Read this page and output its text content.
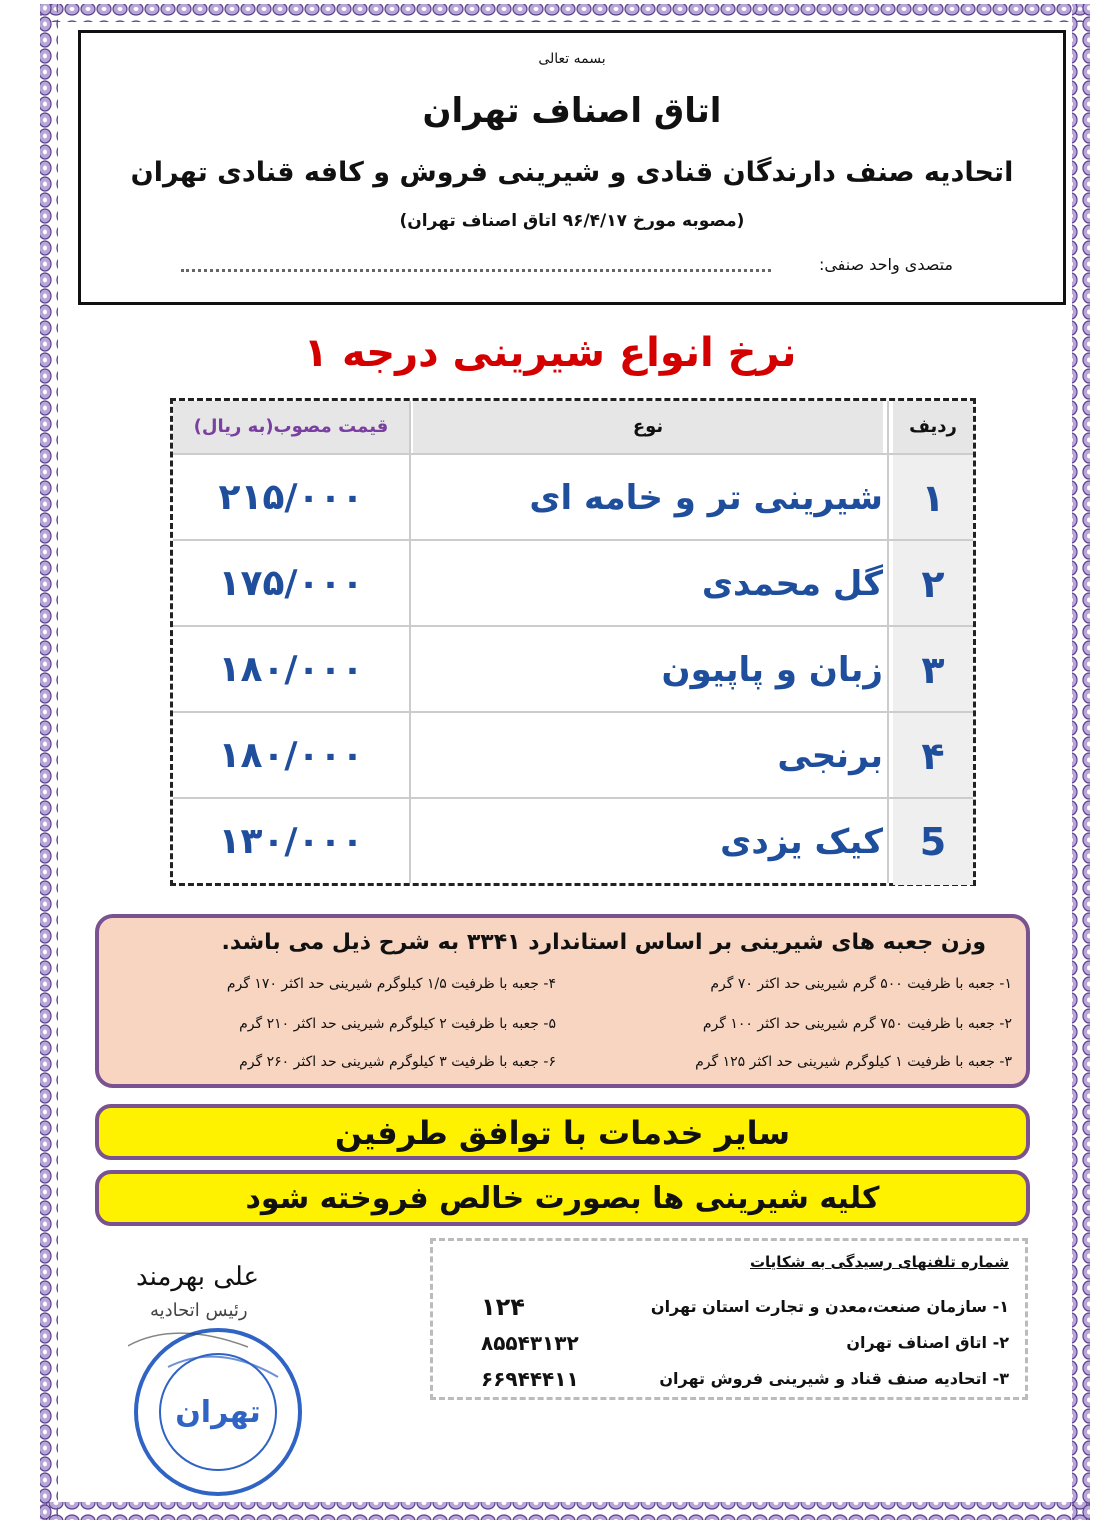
بسمه تعالی
اتاق اصناف تهران
اتحادیه صنف دارندگان قنادی و شیرینی فروش و کافه قنادی تهران
(مصوبه مورخ ۹۶/۴/۱۷ اتاق اصناف تهران)
متصدی واحد صنفی:
نرخ انواع شیرینی درجه ۱
ردیف
نوع
قیمت مصوب(به ریال)
۱
شیرینی تر و خامه ای
۲۱۵/۰۰۰
۲
گل محمدی
۱۷۵/۰۰۰
۳
زبان و پاپیون
۱۸۰/۰۰۰
۴
برنجی
۱۸۰/۰۰۰
5
کیک یزدی
۱۳۰/۰۰۰
وزن جعبه های شیرینی بر اساس استاندارد ۳۳۴۱ به شرح ذیل می باشد.
۱- جعبه با ظرفیت ۵۰۰ گرم شیرینی حد اکثر ۷۰ گرم
۲- جعبه با ظرفیت ۷۵۰ گرم شیرینی حد اکثر ۱۰۰ گرم
۳- جعبه با ظرفیت ۱ کیلوگرم شیرینی حد اکثر ۱۲۵ گرم
۴- جعبه با ظرفیت ۱/۵ کیلوگرم شیرینی حد اکثر ۱۷۰ گرم
۵- جعبه با ظرفیت ۲ کیلوگرم شیرینی حد اکثر ۲۱۰ گرم
۶- جعبه با ظرفیت ۳ کیلوگرم شیرینی حد اکثر ۲۶۰ گرم
سایر خدمات با توافق طرفین
کلیه شیرینی ها بصورت خالص فروخته شود
شماره تلفنهای رسیدگی به شکایات
۱- سازمان صنعت،معدن و تجارت استان تهران
۱۲۴
۲- اتاق اصناف تهران
۸۵۵۴۳۱۳۲
۳- اتحادیه صنف قناد و شیرینی فروش تهران
۶۶۹۴۴۴۱۱
علی بهرمند
رئیس اتحادیه
تهران
